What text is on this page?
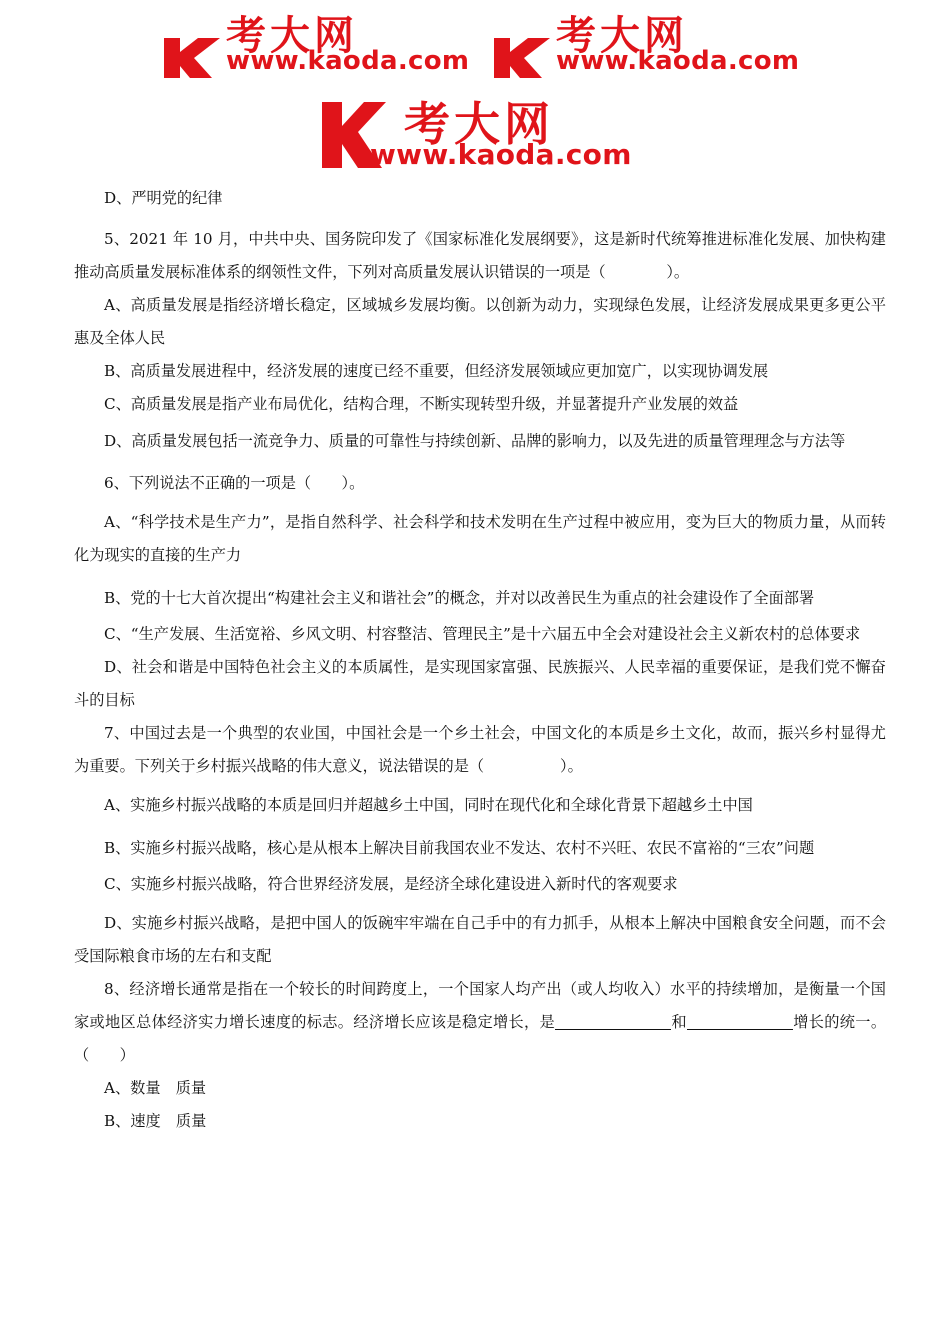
考大网
www.kaoda.com
考大网
www.kaoda.com
考大网
www.kaoda.com

D、严明党的纪律

5、2021 年 10 月，中共中央、国务院印发了《国家标准化发展纲要》，这是新时代统筹推进标准化发展、加快构建推动高质量发展标准体系的纲领性文件，下列对高质量发展认识错误的一项是（　　　　）。

A、高质量发展是指经济增长稳定，区域城乡发展均衡。以创新为动力，实现绿色发展，让经济发展成果更多更公平惠及全体人民

B、高质量发展进程中，经济发展的速度已经不重要，但经济发展领域应更加宽广，以实现协调发展

C、高质量发展是指产业布局优化，结构合理，不断实现转型升级，并显著提升产业发展的效益

D、高质量发展包括一流竞争力、质量的可靠性与持续创新、品牌的影响力，以及先进的质量管理理念与方法等

6、下列说法不正确的一项是（　　）。

A、“科学技术是生产力”，是指自然科学、社会科学和技术发明在生产过程中被应用，变为巨大的物质力量，从而转化为现实的直接的生产力

B、党的十七大首次提出“构建社会主义和谐社会”的概念，并对以改善民生为重点的社会建设作了全面部署

C、“生产发展、生活宽裕、乡风文明、村容整洁、管理民主”是十六届五中全会对建设社会主义新农村的总体要求

D、社会和谐是中国特色社会主义的本质属性，是实现国家富强、民族振兴、人民幸福的重要保证，是我们党不懈奋斗的目标

7、中国过去是一个典型的农业国，中国社会是一个乡土社会，中国文化的本质是乡土文化，故而，振兴乡村显得尤为重要。下列关于乡村振兴战略的伟大意义，说法错误的是（　　　　　）。

A、实施乡村振兴战略的本质是回归并超越乡土中国，同时在现代化和全球化背景下超越乡土中国

B、实施乡村振兴战略，核心是从根本上解决目前我国农业不发达、农村不兴旺、农民不富裕的“三农”问题

C、实施乡村振兴战略，符合世界经济发展，是经济全球化建设进入新时代的客观要求

D、实施乡村振兴战略，是把中国人的饭碗牢牢端在自己手中的有力抓手，从根本上解决中国粮食安全问题，而不会受国际粮食市场的左右和支配

8、经济增长通常是指在一个较长的时间跨度上，一个国家人均产出（或人均收入）水平的持续增加，是衡量一个国家或地区总体经济实力增长速度的标志。经济增长应该是稳定增长，是	和	增长的统一。（　　）

A、数量　质量

B、速度　质量
